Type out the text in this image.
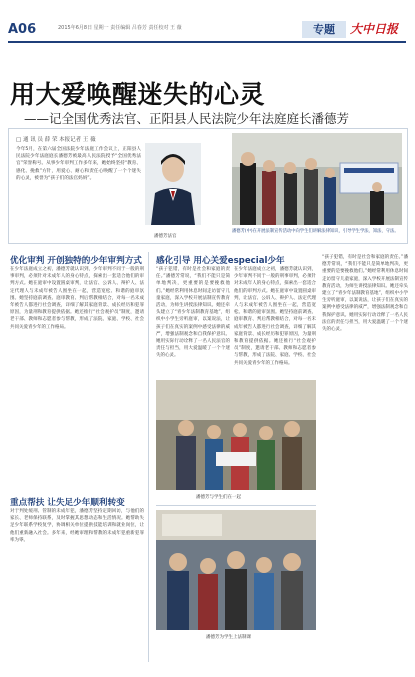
A06	2015年6月8日 星期一 责任编辑 吕春芳 责任校对 王 薇	专题	大中日报
用大爱唤醒迷失的心灵
——记全国优秀法官、正阳县人民法院少年法庭庭长潘德芳
□ 通 讯 员 薛 荣 本报记者 王 薇
今年5月，在第六届全国法院少年法庭工作会议上，正阳县人民法院少年法庭庭长潘德芳被最高人民法院授予“全国优秀法官”荣誉称号。从事少年审判工作多年来，她始终坚持“教育、感化、挽救”方针，用爱心、耐心和责任心唤醒了一个个迷失的心灵，被誉为“孩子们的法官妈妈”。
潘德芳法官
潘德芳(中)在开展法制宣传活动中向学生们讲解法律知识，引导学生学法、知法、守法。
优化审判 开创独特的少年审判方式
在少年法庭成立之初，潘德芳就认识到，少年审判不同于一般的刑事审判，必须针对未成年人的身心特点，探索出一套适合他们的审判方式。她在庭审中设置圆桌审判，让法官、公诉人、辩护人、法定代理人与未成年被告人围坐在一起，营造宽松、和谐的庭审氛围。她坚持庭前调查、庭审教育、判后帮教相结合，对每一名未成年被告人都进行社会调查，详细了解其家庭背景、成长经历和犯罪原因，为量刑和教育提供依据。她还推行“社会观护员”制度，邀请老干部、教师和志愿者参与帮教，形成了法院、家庭、学校、社会共同关爱青少年的工作格局。
重点帮扶 让失足少年顺利转变
对于判处缓刑、管制的未成年犯，潘德芳坚持定期回访，与他们的家长、老师保持联系，及时掌握其思想动态和生活情况。她帮助失足少年联系学校复学，协调相关单位提供技能培训和就业岗位，让他们重新融入社会。多年来，经她审理和帮教的未成年犯重新犯罪率为零。
感化引导 用心关爱especial少年
“孩子犯错，有时是社会和家庭的责任。”潘德芳常说，“我们不能只是简单地判决，更重要的是要挽救他们。”她经常利用休息时间走访留守儿童家庭，深入学校开展法制宣传教育活动，为师生讲授法律知识。她还牵头建立了“青少年法制教育基地”，组织中小学生旁听庭审，以案说法，让孩子们在真实的案例中感受法律的威严，增强法制观念和自我保护意识。她用实际行动诠释了一名人民法官的责任与担当，用大爱温暖了一个个迷失的心灵。
在少年法庭成立之初，潘德芳就认识到，少年审判不同于一般的刑事审判，必须针对未成年人的身心特点，探索出一套适合他们的审判方式。她在庭审中设置圆桌审判，让法官、公诉人、辩护人、法定代理人与未成年被告人围坐在一起，营造宽松、和谐的庭审氛围。她坚持庭前调查、庭审教育、判后帮教相结合，对每一名未成年被告人都进行社会调查，详细了解其家庭背景、成长经历和犯罪原因，为量刑和教育提供依据。她还推行“社会观护员”制度，邀请老干部、教师和志愿者参与帮教，形成了法院、家庭、学校、社会共同关爱青少年的工作格局。
“孩子犯错，有时是社会和家庭的责任。”潘德芳常说，“我们不能只是简单地判决，更重要的是要挽救他们。”她经常利用休息时间走访留守儿童家庭，深入学校开展法制宣传教育活动，为师生讲授法律知识。她还牵头建立了“青少年法制教育基地”，组织中小学生旁听庭审，以案说法，让孩子们在真实的案例中感受法律的威严，增强法制观念和自我保护意识。她用实际行动诠释了一名人民法官的责任与担当，用大爱温暖了一个个迷失的心灵。
潘德芳与学生们在一起
潘德芳为学生上法制课
